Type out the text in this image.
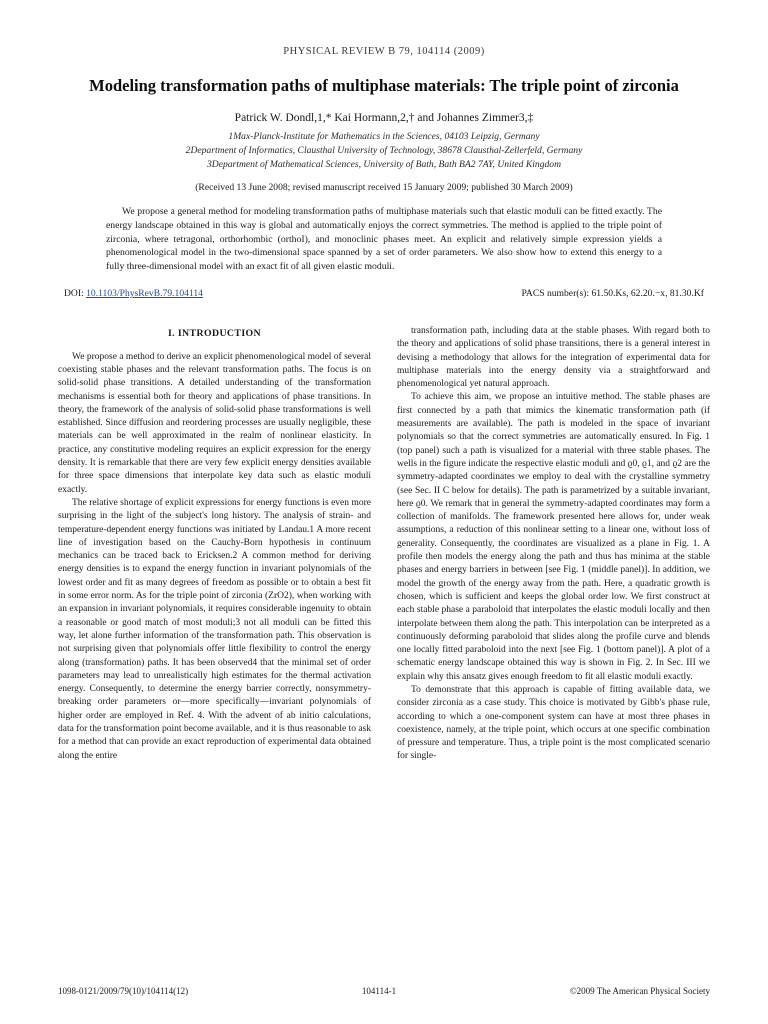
PHYSICAL REVIEW B 79, 104114 (2009)
Modeling transformation paths of multiphase materials: The triple point of zirconia
Patrick W. Dondl,1,* Kai Hormann,2,† and Johannes Zimmer3,‡
1Max-Planck-Institute for Mathematics in the Sciences, 04103 Leipzig, Germany
2Department of Informatics, Clausthal University of Technology, 38678 Clausthal-Zellerfeld, Germany
3Department of Mathematical Sciences, University of Bath, Bath BA2 7AY, United Kingdom
(Received 13 June 2008; revised manuscript received 15 January 2009; published 30 March 2009)
We propose a general method for modeling transformation paths of multiphase materials such that elastic moduli can be fitted exactly. The energy landscape obtained in this way is global and automatically enjoys the correct symmetries. The method is applied to the triple point of zirconia, where tetragonal, orthorhombic (orthoI), and monoclinic phases meet. An explicit and relatively simple expression yields a phenomenological model in the two-dimensional space spanned by a set of order parameters. We also show how to extend this energy to a fully three-dimensional model with an exact fit of all given elastic moduli.
DOI: 10.1103/PhysRevB.79.104114	PACS number(s): 61.50.Ks, 62.20.−x, 81.30.Kf
I. INTRODUCTION

We propose a method to derive an explicit phenomenological model of several coexisting stable phases and the relevant transformation paths. The focus is on solid-solid phase transitions. A detailed understanding of the transformation mechanisms is essential both for theory and applications of phase transitions. In theory, the framework of the analysis of solid-solid phase transformations is well established. Since diffusion and reordering processes are usually negligible, these materials can be well approximated in the realm of nonlinear elasticity. In practice, any constitutive modeling requires an explicit expression for the energy density. It is remarkable that there are very few explicit energy densities available for three space dimensions that interpolate key data such as elastic moduli exactly.

The relative shortage of explicit expressions for energy functions is even more surprising in the light of the subject's long history. The analysis of strain- and temperature-dependent energy functions was initiated by Landau.1 A more recent line of investigation based on the Cauchy-Born hypothesis in continuum mechanics can be traced back to Ericksen.2 A common method for deriving energy densities is to expand the energy function in invariant polynomials of the lowest order and fit as many degrees of freedom as possible or to obtain a best fit in some error norm. As for the triple point of zirconia (ZrO2), when working with an expansion in invariant polynomials, it requires considerable ingenuity to obtain a reasonable or good match of most moduli;3 not all moduli can be fitted this way, let alone further information of the transformation path. This observation is not surprising given that polynomials offer little flexibility to control the energy along (transformation) paths. It has been observed4 that the minimal set of order parameters may lead to unrealistically high estimates for the thermal activation energy. Consequently, to determine the energy barrier correctly, nonsymmetry-breaking order parameters or—more specifically—invariant polynomials of higher order are employed in Ref. 4. With the advent of ab initio calculations, data for the transformation point become available, and it is thus reasonable to ask for a method that can provide an exact reproduction of experimental data obtained along the entire

transformation path, including data at the stable phases. With regard both to the theory and applications of solid phase transitions, there is a general interest in devising a methodology that allows for the integration of experimental data for multiphase materials into the energy density via a straightforward and phenomenological yet natural approach.

To achieve this aim, we propose an intuitive method. The stable phases are first connected by a path that mimics the kinematic transformation path (if measurements are available). The path is modeled in the space of invariant polynomials so that the correct symmetries are automatically ensured. In Fig. 1 (top panel) such a path is visualized for a material with three stable phases. The wells in the figure indicate the respective elastic moduli and ϱ0, ϱ1, and ϱ2 are the symmetry-adapted coordinates we employ to deal with the crystalline symmetry (see Sec. II C below for details). The path is parametrized by a suitable invariant, here ϱ0. We remark that in general the symmetry-adapted coordinates may form a collection of manifolds. The framework presented here allows for, under weak assumptions, a reduction of this nonlinear setting to a linear one, without loss of generality. Consequently, the coordinates are visualized as a plane in Fig. 1. A profile then models the energy along the path and thus has minima at the stable phases and energy barriers in between [see Fig. 1 (middle panel)]. In addition, we model the growth of the energy away from the path. Here, a quadratic growth is chosen, which is sufficient and keeps the global order low. We first construct at each stable phase a paraboloid that interpolates the elastic moduli locally and then interpolate between them along the path. This interpolation can be interpreted as a continuously deforming paraboloid that slides along the profile curve and blends one locally fitted paraboloid into the next [see Fig. 1 (bottom panel)]. A plot of a schematic energy landscape obtained this way is shown in Fig. 2. In Sec. III we explain why this ansatz gives enough freedom to fit all elastic moduli exactly.

To demonstrate that this approach is capable of fitting available data, we consider zirconia as a case study. This choice is motivated by Gibb's phase rule, according to which a one-component system can have at most three phases in coexistence, namely, at the triple point, which occurs at one specific combination of pressure and temperature. Thus, a triple point is the most complicated scenario for single-

1098-0121/2009/79(10)/104114(12)	104114-1	©2009 The American Physical Society
